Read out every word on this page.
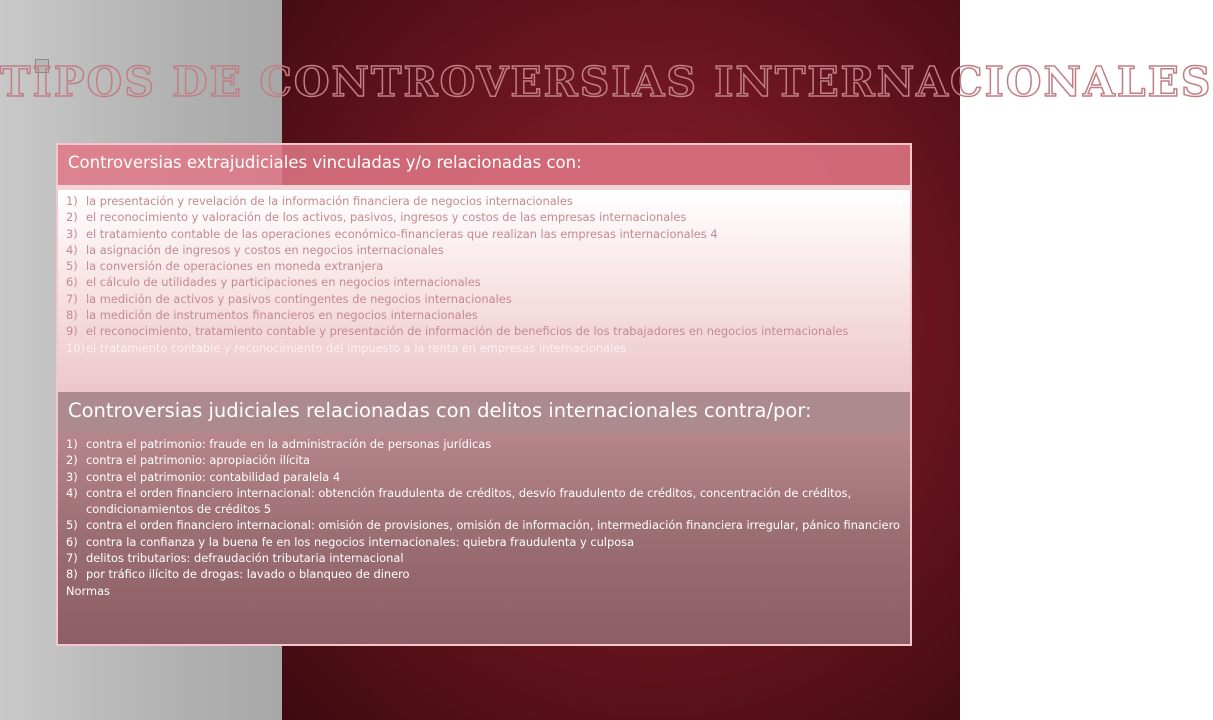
TIPOS DE CONTROVERSIAS INTERNACIONALES
Controversias extrajudiciales vinculadas y/o relacionadas con:
1) la presentación y revelación de la información financiera de negocios internacionales
2) el reconocimiento y valoración de los activos, pasivos, ingresos y costos de las empresas internacionales
3) el tratamiento contable de las operaciones económico-financieras que realizan las empresas internacionales 4
4) la asignación de ingresos y costos en negocios internacionales
5) la conversión de operaciones en moneda extranjera
6) el cálculo de utilidades y participaciones en negocios internacionales
7) la medición de activos y pasivos contingentes de negocios internacionales
8) la medición de instrumentos financieros en negocios internacionales
9) el reconocimiento, tratamiento contable y presentación de información de beneficios de los trabajadores en negocios internacionales
10) el tratamiento contable y reconocimiento del impuesto a la renta en empresas internacionales
Controversias judiciales relacionadas con delitos internacionales contra/por:
1) contra el patrimonio: fraude en la administración de personas jurídicas
2) contra el patrimonio: apropiación ilícita
3) contra el patrimonio: contabilidad paralela 4
4) contra el orden financiero internacional: obtención fraudulenta de créditos, desvío fraudulento de créditos, concentración de créditos, condicionamientos de créditos 5
5) contra el orden financiero internacional: omisión de provisiones, omisión de información, intermediación financiera irregular, pánico financiero
6) contra la confianza y la buena fe en los negocios internacionales: quiebra fraudulenta y culposa
7) delitos tributarios: defraudación tributaria internacional
8) por tráfico ilícito de drogas: lavado o blanqueo de dinero
Normas
